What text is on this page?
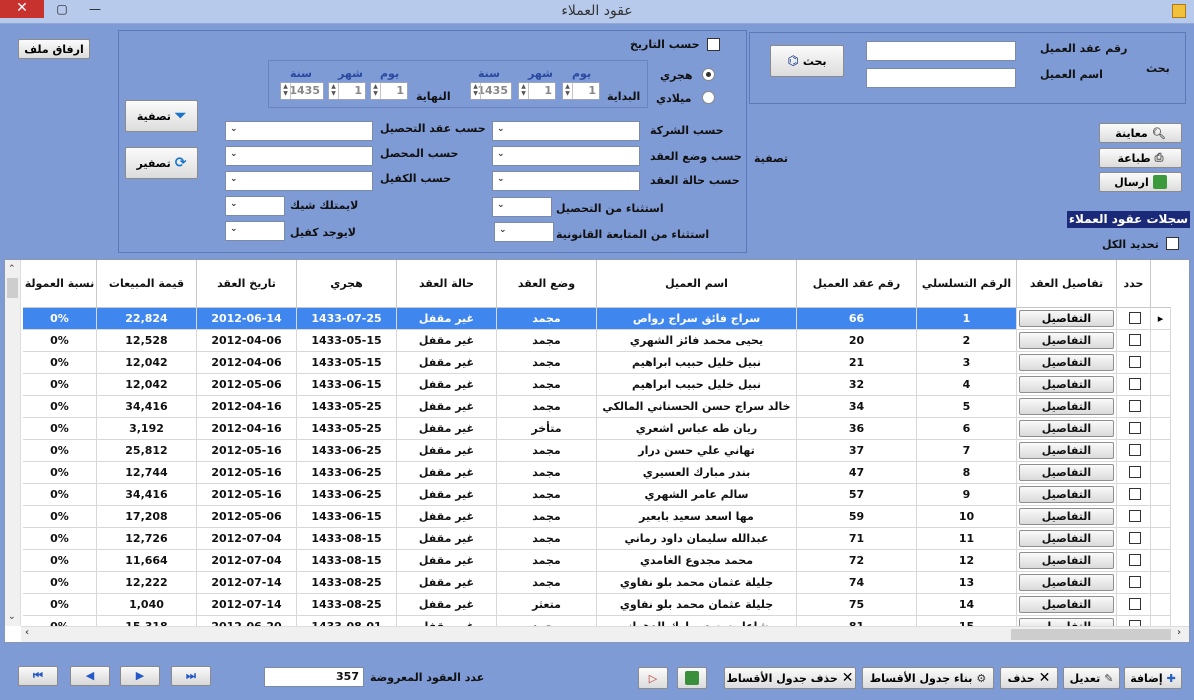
عقود العملاء
✕	▢	—
بحث
رقم عقد العميل
اسم العميل
⌬ بحث
حسب التاريخ
هجري
ميلادي
يوم
شهر
سنة
البداية
▲
▼ 1
▲
▼ 1
▲
▼ 1435
يوم
شهر
سنة
النهاية
▲
▼ 1
▲
▼ 1
▲
▼ 1435
حسب الشركة
⌄
حسب وضع العقد
⌄
حسب حالة العقد
⌄
استثناء من التحصيل
⌄
استثناء من المتابعة القانونية
⌄
حسب عقد التحصيل
⌄
حسب المحصل
⌄
حسب الكفيل
⌄
لايمتلك شيك
⌄
لايوجد كفيل
⌄
تصفية
تصفية ⏷
تصفير ⟳
ارفاق ملف
معاينة 🔍︎
طباعة ⎙
ارسال
سجلات عقود العملاء
تحديد الكل
حدد
تفاصيل العقد
الرقم التسلسلي
رقم عقد العميل
اسم العميل
وضع العقد
حالة العقد
هجري
تاريخ العقد
قيمة المبيعات
نسبة العمولة
0%	22,824	2012-06-14	1433-07-25	غير مقفل	مجمد	سراج فائق سراج رواص	66	1	التفاصيل	▸
0%	12,528	2012-04-06	1433-05-15	غير مقفل	مجمد	يحيى محمد فائز الشهري	20	2	التفاصيل
0%	12,042	2012-04-06	1433-05-15	غير مقفل	مجمد	نبيل خليل حبيب ابراهيم	21	3	التفاصيل
0%	12,042	2012-05-06	1433-06-15	غير مقفل	مجمد	نبيل خليل حبيب ابراهيم	32	4	التفاصيل
0%	34,416	2012-04-16	1433-05-25	غير مقفل	مجمد	خالد سراج حسن الحسناني المالكي	34	5	التفاصيل
0%	3,192	2012-04-16	1433-05-25	غير مقفل	متأخر	ريان طه عباس اشعري	36	6	التفاصيل
0%	25,812	2012-05-16	1433-06-25	غير مقفل	مجمد	تهاني علي حسن درار	37	7	التفاصيل
0%	12,744	2012-05-16	1433-06-25	غير مقفل	مجمد	بندر مبارك العسيري	47	8	التفاصيل
0%	34,416	2012-05-16	1433-06-25	غير مقفل	مجمد	سالم عامر الشهري	57	9	التفاصيل
0%	17,208	2012-05-06	1433-06-15	غير مقفل	مجمد	مها اسعد سعيد بابعير	59	10	التفاصيل
0%	12,726	2012-07-04	1433-08-15	غير مقفل	مجمد	عبدالله سليمان داود رماني	71	11	التفاصيل
0%	11,664	2012-07-04	1433-08-15	غير مقفل	مجمد	محمد مجدوع الغامدي	72	12	التفاصيل
0%	12,222	2012-07-14	1433-08-25	غير مقفل	مجمد	جليلة عثمان محمد بلو نفاوي	74	13	التفاصيل
0%	1,040	2012-07-14	1433-08-25	غير مقفل	متعثر	جليلة عثمان محمد بلو نفاوي	75	14	التفاصيل
⌃
⌄
‹	›
⏮	◀	▶	⏭	357	عدد العقود المعروضة	▷	حذف جدول الأقساط ✕ بناء جدول الأقساط ⚙ حذف ✕ تعديل ✎ إضافة ✚
